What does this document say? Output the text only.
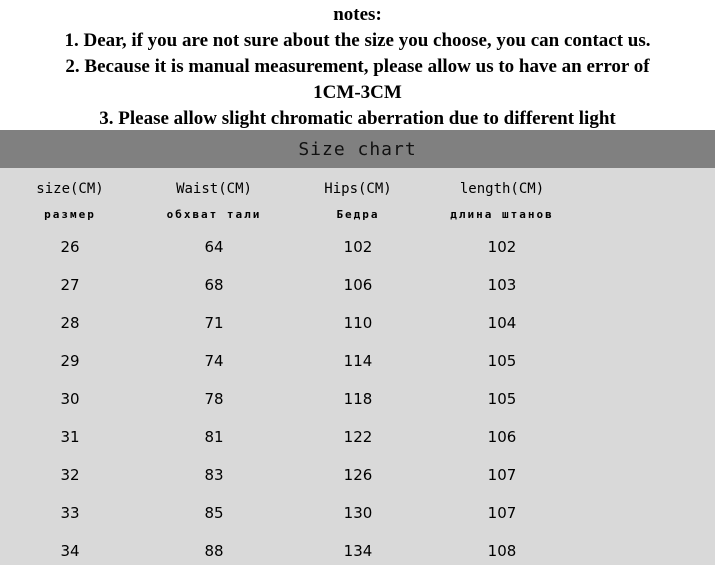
notes:
1. Dear, if you are not sure about the size you choose, you can contact us.
2. Because it is manual measurement, please allow us to have an error of
1CM-3CM
3. Please allow slight chromatic aberration due to different light
Size chart
size(CM)	Waist(CM)	Hips(CM)	length(CM)
размер	обхват тали	Бедра	длина штанов
26	64	102	102
27	68	106	103
28	71	110	104
29	74	114	105
30	78	118	105
31	81	122	106
32	83	126	107
33	85	130	107
34	88	134	108
